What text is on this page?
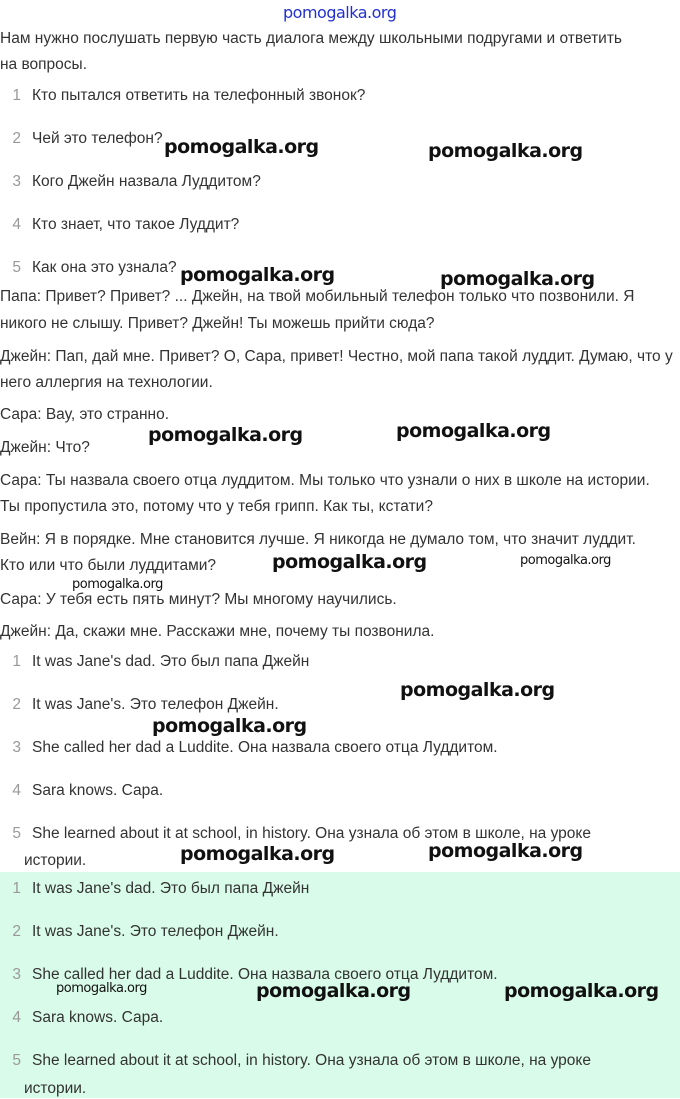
pomogalka.org
Нам нужно послушать первую часть диалога между школьными подругами и ответить
на вопросы.
1 Кто пытался ответить на телефонный звонок?
2 Чей это телефон?
3 Кого Джейн назвала Луддитом?
4 Кто знает, что такое Луддит?
5 Как она это узнала?
Папа: Привет? Привет? ... Джейн, на твой мобильный телефон только что позвонили. Я
никого не слышу. Привет? Джейн! Ты можешь прийти сюда?
Джейн: Пап, дай мне. Привет? О, Сара, привет! Честно, мой папа такой луддит. Думаю, что у
него аллергия на технологии.
Сара: Вау, это странно.
Джейн: Что?
Сара: Ты назвала своего отца луддитом. Мы только что узнали о них в школе на истории.
Ты пропустила это, потому что у тебя грипп. Как ты, кстати?
Вейн: Я в порядке. Мне становится лучше. Я никогда не думало том, что значит луддит.
Кто или что были луддитами?
Сара: У тебя есть пять минут? Мы многому научились.
Джейн: Да, скажи мне. Расскажи мне, почему ты позвонила.
1 It was Jane's dad. Это был папа Джейн
2 It was Jane's. Это телефон Джейн.
3 She called her dad a Luddite. Она назвала своего отца Луддитом.
4 Sara knows. Сара.
5 She learned about it at school, in history. Она узнала об этом в школе, на уроке
истории.
1 It was Jane's dad. Это был папа Джейн
2 It was Jane's. Это телефон Джейн.
3 She called her dad a Luddite. Она назвала своего отца Луддитом.
4 Sara knows. Сара.
5 She learned about it at school, in history. Она узнала об этом в школе, на уроке
истории.
pomogalka.org	pomogalka.org
pomogalka.org	pomogalka.org
pomogalka.org	pomogalka.org
pomogalka.org	pomogalka.org
pomogalka.org
pomogalka.org
pomogalka.org
pomogalka.org	pomogalka.org
pomogalka.org	pomogalka.org	pomogalka.org
